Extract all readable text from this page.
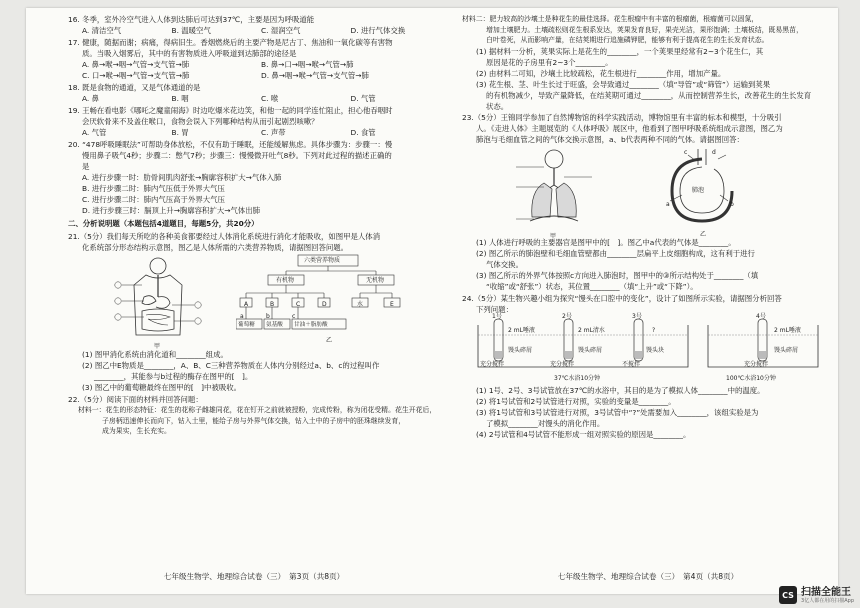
16. 冬季，室外冷空气进入人体到达肺后可达到37℃，主要是因为呼吸道能
A. 清洁空气	B. 温暖空气	C. 湿润空气	D. 进行气体交换
17. 健康，随据而谢；病痛，得病旧生。香烟燃烧后的主要产物是尼古丁、焦油和一氧化碳等有害物
质。当吸入烟雾后，其中的有害物质进入呼吸道到达肺部的途径是
A. 鼻→喉→咽→气管→支气管→肺	B. 鼻→口→咽→喉→气管→肺
C. 口→喉→咽→气管→支气管→肺	D. 鼻→咽→喉→气管→支气管→肺
18. 既是食物的通道，又是气体通道的是
A. 鼻	B. 咽	C. 喉	D. 气管
19. 王畅在看电影《哪吒之魔童闹海》时边吃爆米花边笑，和他一起的同学连忙阻止，担心他吞咽时
会厌软骨来不及盖住喉口，食物会误入下列哪种结构从而引起剧烈咳嗽？
A. 气管	B. 胃	C. 声带	D. 食管
20. “478呼吸睡眠法”可帮助身体放松，不仅有助于睡眠，还能缓解焦虑。具体步骤为：步骤一：慢
慢用鼻子吸气4秒；步骤二：憋气7秒；步骤三：慢慢微开吐气8秒。下列对此过程的描述正确的
是
A. 进行步骤一时：肋骨间肌肉舒张→胸廓容积扩大→气体入肺
B. 进行步骤二时：肺内气压低于外界大气压
C. 进行步骤二时：肺内气压高于外界大气压
D. 进行步骤三时：膈顶上升→胸廓容积扩大→气体出肺
二、分析说明题（本题包括4道题目，每题5分，共20分）
21.（5分）我们每天所吃的各种美食都要经过人体消化系统进行消化才能吸收，如图甲是人体消
化系统部分形态结构示意图，图乙是人体所需的六类营养物质，请据图回答问题。
甲
六类营养物质
有机物	无机物
A	B	C	D	水	E
a	b	c
葡萄糖 氨基酸 甘油＋脂肪酸
乙
(1) 图甲消化系统由消化道和________组成。
(2) 图乙中E物质是________，A、B、C三种营养物质在人体内分别经过a、b、c的过程叫作
________，其能参与b过程的酶存在图甲的[　]。
(3) 图乙中的葡萄糖最终在图甲的[　]中被吸收。
22.（5分）阅读下面的材料并回答问题：
材料一：花生的形态特征：花生的花称子雌雄同花，花在钉开之前就被授粉，完成传粉，称为闭花受精。花生开花后，
子房柄迅速伸长而向下，钻入土里，能给子房与外界气体交换，钻入土中的子房中的胚珠继续发育，
成为果实，生长充实。
七年级生物学、地理综合试卷（三）　第3页（共8页）
材料二：肥力较高的沙壤土是种花生的最佳选择。花生根瘤中有丰富的根瘤菌，根瘤菌可以固氮，
增加土壤肥力。土壤疏松则花生根系发达，荚果发育良好，果壳光洁，果形饱满；土壤板结，既易黑苗，
白叶卷死，从而影响产量，在结荚期进行追施磷钾肥，能够有利于提高花生的生长发育状态。
(1) 据材料一分析，荚果实际上是花生的________，一个荚果里经常有2~3个花生仁，其
原因是花的子房里有2~3个________。
(2) 由材料二可知，沙壤土比较疏松，花生根进行________作用，增加产量。
(3) 花生根、茎、叶生长过于旺盛，会导致通过________（填“导管”或“筛管”）运输到荚果
的有机物减少，导致产量降低，在结荚期可通过________，从而控制营养生长，改善花生的生长发育
状态。
23.（5分）王锦同学参加了自然博物馆的科学实践活动，博物馆里有丰富的标本和模型，十分吸引
人。《走进人体》主题展览的《人体呼吸》展区中，他看到了图甲呼吸系统组成示意图，图乙为
肺泡与毛细血管之间的气体交换示意图，a、b代表两种不同的气体。请据图回答：
甲
肺泡
c	d
a	b
乙
(1) 人体进行呼吸的主要器官是图甲中的[　]。图乙中a代表的气体是________。
(2) 图乙所示的肺泡壁和毛细血管壁都由________层扁平上皮细胞构成，这有利于进行
气体交换。
(3) 图乙所示的外界气体按照c方向进入肺泡时，图甲中的③所示结构处于________（填
“收缩”或“舒张”）状态，其位置________（填“上升”或“下降”）。
24.（5分）某生物兴趣小组为探究“馒头在口腔中的变化”，设计了如图所示实验，请据图分析回答
下列问题：
1号	2号	3号	4号
2 mL唾液	2 mL清水	?	2 mL唾液
馒头碎屑	馒头碎屑	馒头块	馒头碎屑
充分搅拌	充分搅拌	不搅拌	充分搅拌
37℃水浴10分钟	100℃水浴10分钟
(1) 1号、2号、3号试管放在37℃的水浴中，其目的是为了模拟人体________中的温度。
(2) 将1号试管和2号试管进行对照，实验的变量是________。
(3) 将1号试管和3号试管进行对照，3号试管中“?”处需要加入________，该组实验是为
了模拟________对馒头的消化作用。
(4) 2号试管和4号试管不能形成一组对照实验的原因是________。
七年级生物学、地理综合试卷（三）　第4页（共8页）
CS 扫描全能王
3亿人都在用的扫描App
